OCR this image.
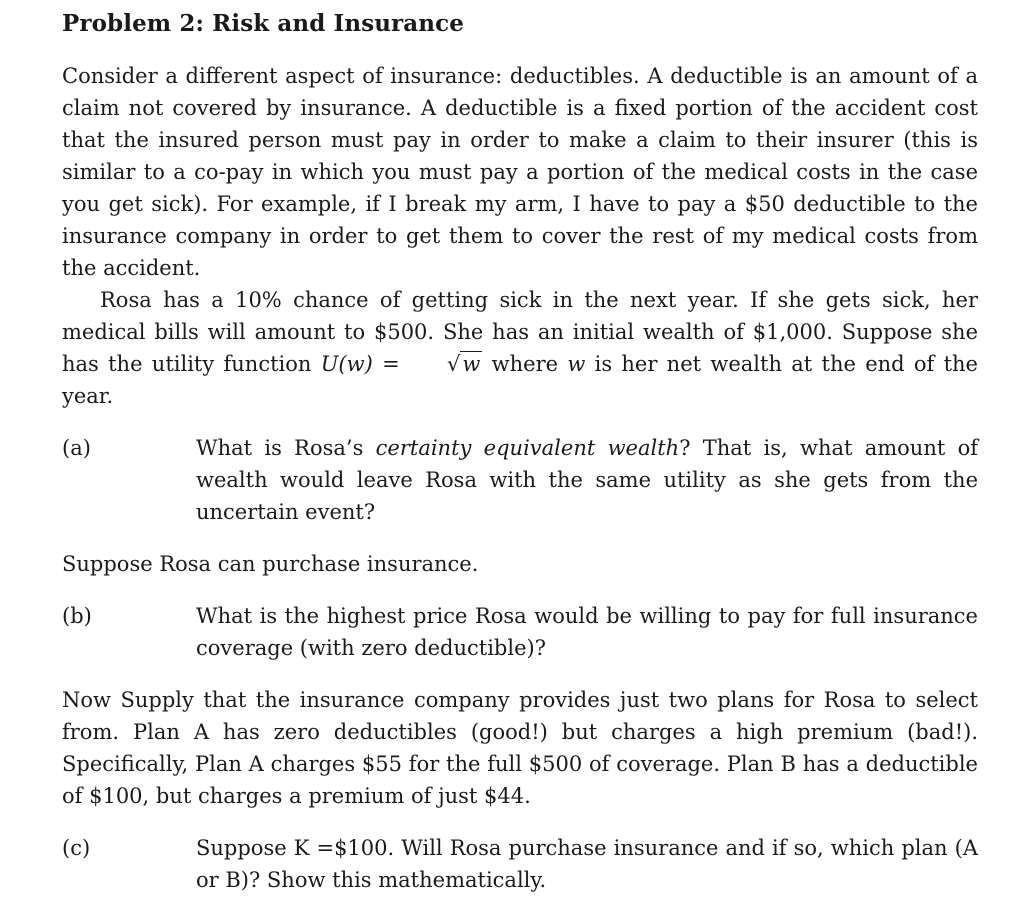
Problem 2: Risk and Insurance
Consider a different aspect of insurance: deductibles. A deductible is an amount of a claim not covered by insurance. A deductible is a fixed portion of the accident cost that the insured person must pay in order to make a claim to their insurer (this is similar to a co-pay in which you must pay a portion of the medical costs in the case you get sick). For example, if I break my arm, I have to pay a $50 deductible to the insurance company in order to get them to cover the rest of my medical costs from the accident.
Rosa has a 10% chance of getting sick in the next year. If she gets sick, her medical bills will amount to $500. She has an initial wealth of $1,000. Suppose she has the utility function U(w) = √w where w is her net wealth at the end of the year.
(a)	What is Rosa’s certainty equivalent wealth? That is, what amount of wealth would leave Rosa with the same utility as she gets from the uncertain event?
Suppose Rosa can purchase insurance.
(b)	What is the highest price Rosa would be willing to pay for full insurance coverage (with zero deductible)?
Now Supply that the insurance company provides just two plans for Rosa to select from. Plan A has zero deductibles (good!) but charges a high premium (bad!). Specifically, Plan A charges $55 for the full $500 of coverage. Plan B has a deductible of $100, but charges a premium of just $44.
(c)	Suppose K =$100. Will Rosa purchase insurance and if so, which plan (A or B)? Show this mathematically.
